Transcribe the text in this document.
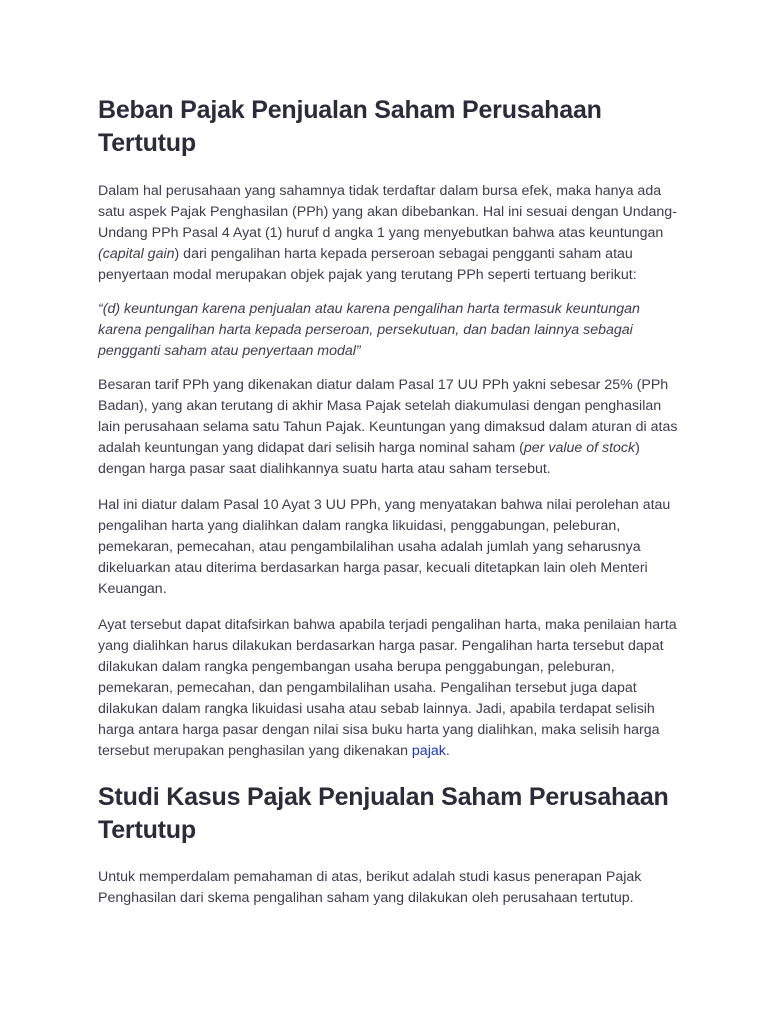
Beban Pajak Penjualan Saham Perusahaan Tertutup

Dalam hal perusahaan yang sahamnya tidak terdaftar dalam bursa efek, maka hanya ada satu aspek Pajak Penghasilan (PPh) yang akan dibebankan. Hal ini sesuai dengan Undang-Undang PPh Pasal 4 Ayat (1) huruf d angka 1 yang menyebutkan bahwa atas keuntungan (capital gain) dari pengalihan harta kepada perseroan sebagai pengganti saham atau penyertaan modal merupakan objek pajak yang terutang PPh seperti tertuang berikut:

“(d) keuntungan karena penjualan atau karena pengalihan harta termasuk keuntungan karena pengalihan harta kepada perseroan, persekutuan, dan badan lainnya sebagai pengganti saham atau penyertaan modal”

Besaran tarif PPh yang dikenakan diatur dalam Pasal 17 UU PPh yakni sebesar 25% (PPh Badan), yang akan terutang di akhir Masa Pajak setelah diakumulasi dengan penghasilan lain perusahaan selama satu Tahun Pajak. Keuntungan yang dimaksud dalam aturan di atas adalah keuntungan yang didapat dari selisih harga nominal saham (per value of stock) dengan harga pasar saat dialihkannya suatu harta atau saham tersebut.

Hal ini diatur dalam Pasal 10 Ayat 3 UU PPh, yang menyatakan bahwa nilai perolehan atau pengalihan harta yang dialihkan dalam rangka likuidasi, penggabungan, peleburan, pemekaran, pemecahan, atau pengambilalihan usaha adalah jumlah yang seharusnya dikeluarkan atau diterima berdasarkan harga pasar, kecuali ditetapkan lain oleh Menteri Keuangan.

Ayat tersebut dapat ditafsirkan bahwa apabila terjadi pengalihan harta, maka penilaian harta yang dialihkan harus dilakukan berdasarkan harga pasar. Pengalihan harta tersebut dapat dilakukan dalam rangka pengembangan usaha berupa penggabungan, peleburan, pemekaran, pemecahan, dan pengambilalihan usaha. Pengalihan tersebut juga dapat dilakukan dalam rangka likuidasi usaha atau sebab lainnya. Jadi, apabila terdapat selisih harga antara harga pasar dengan nilai sisa buku harta yang dialihkan, maka selisih harga tersebut merupakan penghasilan yang dikenakan pajak.

Studi Kasus Pajak Penjualan Saham Perusahaan Tertutup

Untuk memperdalam pemahaman di atas, berikut adalah studi kasus penerapan Pajak Penghasilan dari skema pengalihan saham yang dilakukan oleh perusahaan tertutup.
